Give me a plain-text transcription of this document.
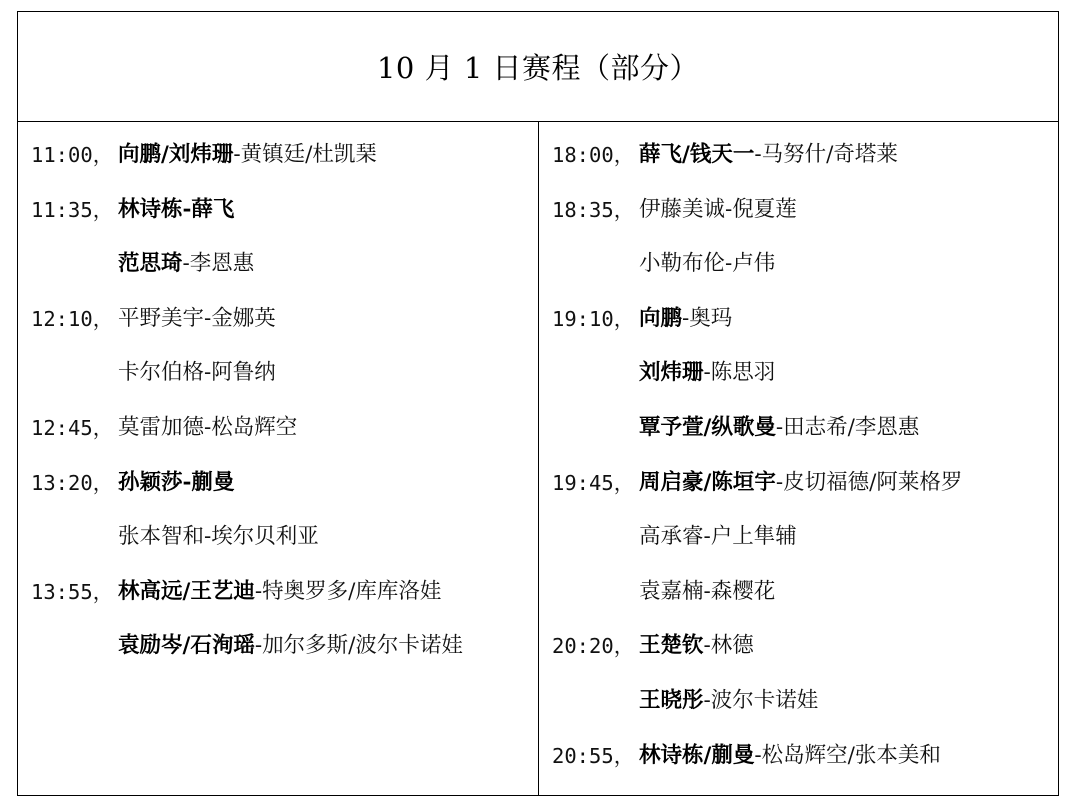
10 月 1 日赛程（部分）
11:00， 向鹏/刘炜珊-黄镇廷/杜凯琹
11:35， 林诗栋-薛飞
范思琦-李恩惠
12:10， 平野美宇-金娜英
卡尔伯格-阿鲁纳
12:45， 莫雷加德-松岛辉空
13:20， 孙颖莎-蒯曼
张本智和-埃尔贝利亚
13:55， 林高远/王艺迪-特奥罗多/库库洛娃
袁励岑/石洵瑶-加尔多斯/波尔卡诺娃
18:00， 薛飞/钱天一-马努什/奇塔莱
18:35， 伊藤美诚-倪夏莲
小勒布伦-卢伟
19:10， 向鹏-奥玛
刘炜珊-陈思羽
覃予萱/纵歌曼-田志希/李恩惠
19:45， 周启豪/陈垣宇-皮切福德/阿莱格罗
高承睿-户上隼辅
袁嘉楠-森樱花
20:20， 王楚钦-林德
王晓彤-波尔卡诺娃
20:55， 林诗栋/蒯曼-松岛辉空/张本美和
